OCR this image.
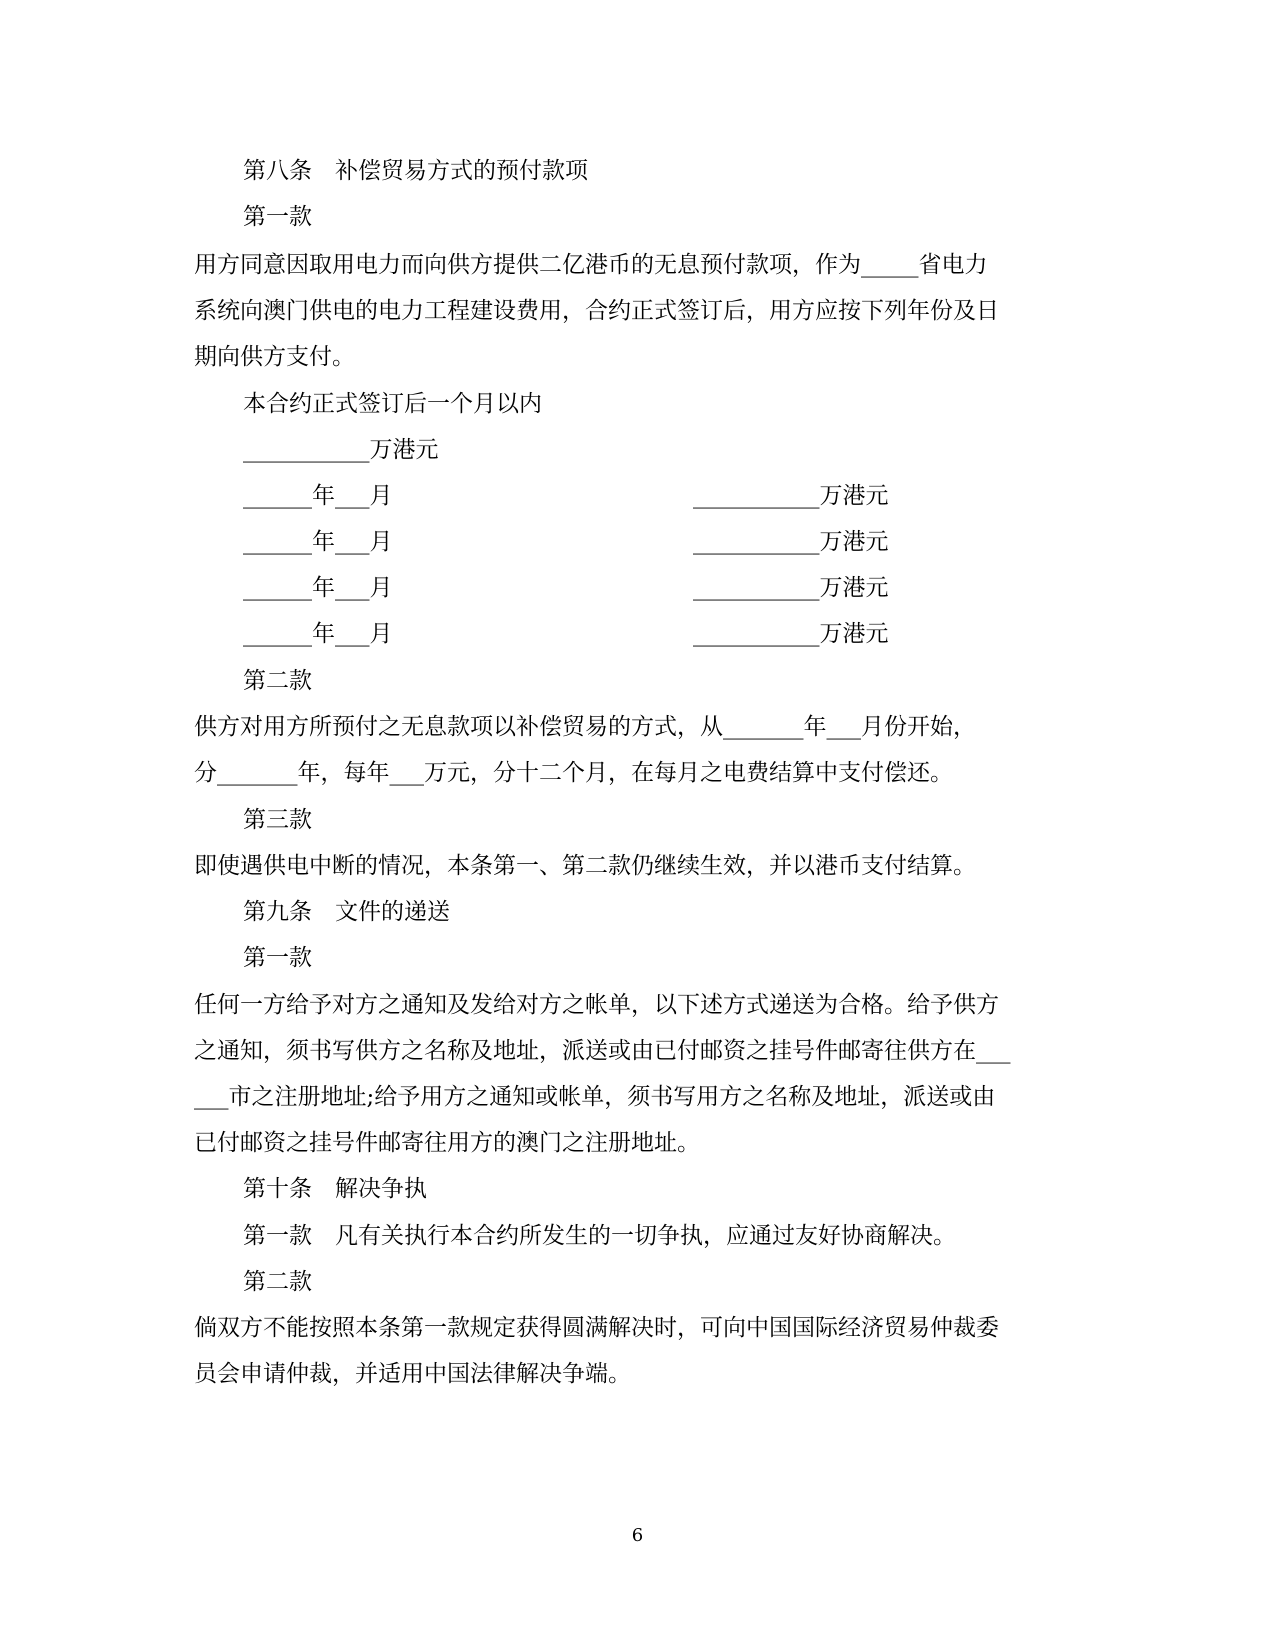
第八条　补偿贸易方式的预付款项
第一款
用方同意因取用电力而向供方提供二亿港币的无息预付款项，作为_____省电力
系统向澳门供电的电力工程建设费用，合约正式签订后，用方应按下列年份及日
期向供方支付。
本合约正式签订后一个月以内
___________万港元
______年___月	___________万港元
______年___月	___________万港元
______年___月	___________万港元
______年___月	___________万港元
第二款
供方对用方所预付之无息款项以补偿贸易的方式，从_______年___月份开始，
分_______年，每年___万元，分十二个月，在每月之电费结算中支付偿还。
第三款
即使遇供电中断的情况，本条第一、第二款仍继续生效，并以港币支付结算。
第九条　文件的递送
第一款
任何一方给予对方之通知及发给对方之帐单，以下述方式递送为合格。给予供方
之通知，须书写供方之名称及地址，派送或由已付邮资之挂号件邮寄往供方在___
___市之注册地址;给予用方之通知或帐单，须书写用方之名称及地址，派送或由
已付邮资之挂号件邮寄往用方的澳门之注册地址。
第十条　解决争执
第一款　凡有关执行本合约所发生的一切争执，应通过友好协商解决。
第二款
倘双方不能按照本条第一款规定获得圆满解决时，可向中国国际经济贸易仲裁委
员会申请仲裁，并适用中国法律解决争端。
6
